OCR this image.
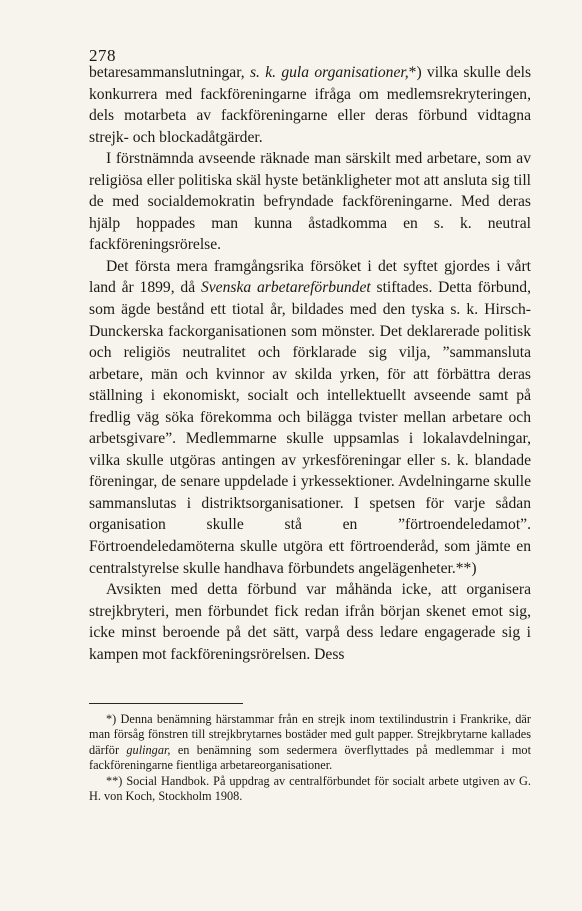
278

betaresammanslutningar, s. k. gula organisationer,*) vilka skulle dels konkurrera med fackföreningarne ifråga om medlemsrekryteringen, dels motarbeta av fackföreningarne eller deras förbund vidtagna strejk- och blockadåtgärder.

I förstnämnda avseende räknade man särskilt med arbetare, som av religiösa eller politiska skäl hyste betänkligheter mot att ansluta sig till de med socialdemokratin befryndade fackföreningarne. Med deras hjälp hoppades man kunna åstadkomma en s. k. neutral fackföreningsrörelse.

Det första mera framgångsrika försöket i det syftet gjordes i vårt land år 1899, då Svenska arbetareförbundet stiftades. Detta förbund, som ägde bestånd ett tiotal år, bildades med den tyska s. k. Hirsch-Dunckerska fackorganisationen som mönster. Det deklarerade politisk och religiös neutralitet och förklarade sig vilja, ”sammansluta arbetare, män och kvinnor av skilda yrken, för att förbättra deras ställning i ekonomiskt, socialt och intellektuellt avseende samt på fredlig väg söka förekomma och bilägga tvister mellan arbetare och arbetsgivare”. Medlemmarne skulle uppsamlas i lokalavdelningar, vilka skulle utgöras antingen av yrkesföreningar eller s. k. blandade föreningar, de senare uppdelade i yrkessektioner. Avdelningarne skulle sammanslutas i distriktsorganisationer. I spetsen för varje sådan organisation skulle stå en ”förtroendeledamot”. Förtroendeledamöterna skulle utgöra ett förtroenderåd, som jämte en centralstyrelse skulle handhava förbundets angelägenheter.**)

Avsikten med detta förbund var måhända icke, att organisera strejkbryteri, men förbundet fick redan ifrån början skenet emot sig, icke minst beroende på det sätt, varpå dess ledare engagerade sig i kampen mot fackföreningsrörelsen. Dess

*) Denna benämning härstammar från en strejk inom textilindustrin i Frankrike, där man försåg fönstren till strejkbrytarnes bostäder med gult papper. Strejkbrytarne kallades därför gulingar, en benämning som sedermera överflyttades på medlemmar i mot fackföreningarne fientliga arbetareorganisationer.

**) Social Handbok. På uppdrag av centralförbundet för socialt arbete utgiven av G. H. von Koch, Stockholm 1908.
